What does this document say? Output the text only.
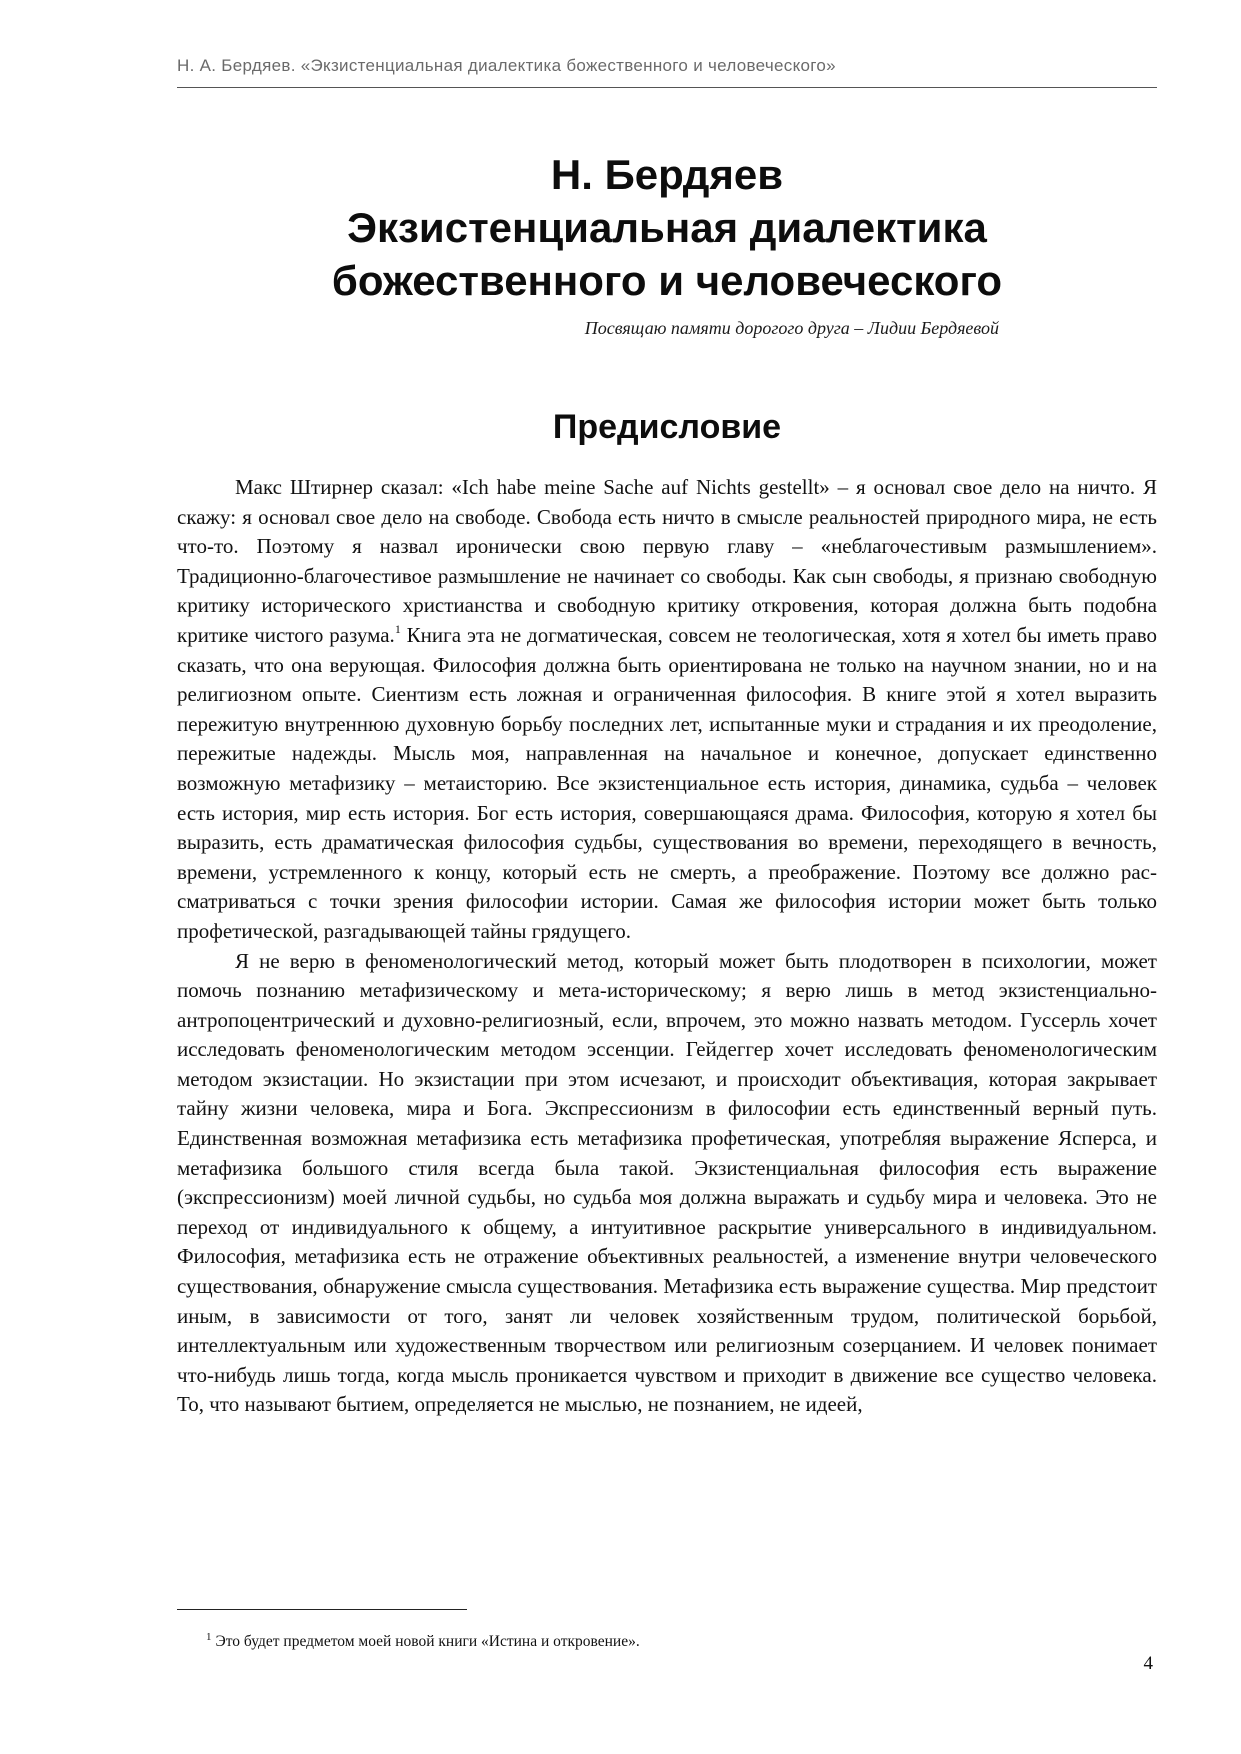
Н. А. Бердяев. «Экзистенциальная диалектика божественного и человеческого»
Н. Бердяев
Экзистенциальная диалектика
божественного и человеческого
Посвящаю памяти дорогого друга – Лидии Бердяевой
Предисловие

Макс Штирнер сказал: «Ich habe meine Sache auf Nichts gestellt» – я основал свое дело на ничто. Я скажу: я основал свое дело на свободе. Свобода есть ничто в смысле реальностей природного мира, не есть что-то. Поэтому я назвал иронически свою первую главу – «неблагочестивым размышлением». Традиционно-благочестивое размышление не начинает со свободы. Как сын свободы, я признаю свободную критику исторического христианства и свободную критику откровения, которая должна быть подобна критике чистого разума.$^1$ Книга эта не догматическая, совсем не теологическая, хотя я хотел бы иметь право сказать, что она верующая. Философия должна быть ориентирована не только на научном знании, но и на религиозном опыте. Сиентизм есть ложная и ограниченная философия. В книге этой я хотел выразить пережитую внутреннюю духовную борьбу последних лет, испытанные муки и страдания и их преодоление, пережитые надежды. Мысль моя, направленная на начальное и конечное, допускает единственно возможную метафизику – метаисторию. Все экзистенциальное есть история, динамика, судьба – человек есть история, мир есть история. Бог есть история, совершающаяся драма. Философия, которую я хотел бы выразить, есть драматическая философия судьбы, существования во времени, переходящего в вечность, времени, устремленного к концу, который есть не смерть, а преображение. Поэтому все должно рассматриваться с точки зрения философии истории. Самая же философия истории может быть только профетической, разгадывающей тайны грядущего.

Я не верю в феноменологический метод, который может быть плодотворен в психологии, может помочь познанию метафизическому и мета-историческому; я верю лишь в метод экзистенциально-антропоцентрический и духовно-религиозный, если, впрочем, это можно назвать методом. Гуссерль хочет исследовать феноменологическим методом эссенции. Гейдеггер хочет исследовать феноменологическим методом экзистации. Но экзистации при этом исчезают, и происходит объективация, которая закрывает тайну жизни человека, мира и Бога. Экспрессионизм в философии есть единственный верный путь. Единственная возможная метафизика есть метафизика профетическая, употребляя выражение Ясперса, и метафизика большого стиля всегда была такой. Экзистенциальная философия есть выражение (экспрессионизм) моей личной судьбы, но судьба моя должна выражать и судьбу мира и человека. Это не переход от индивидуального к общему, а интуитивное раскрытие универсального в индивидуальном. Философия, метафизика есть не отражение объективных реальностей, а изменение внутри человеческого существования, обнаружение смысла существования. Метафизика есть выражение существа. Мир предстоит иным, в зависимости от того, занят ли человек хозяйственным трудом, политической борьбой, интеллектуальным или художественным творчеством или религиозным созерцанием. И человек понимает что-нибудь лишь тогда, когда мысль проникается чувством и приходит в движение все существо человека. То, что называют бытием, определяется не мыслью, не познанием, не идеей,

$^1$ Это будет предметом моей новой книги «Истина и откровение».
4
